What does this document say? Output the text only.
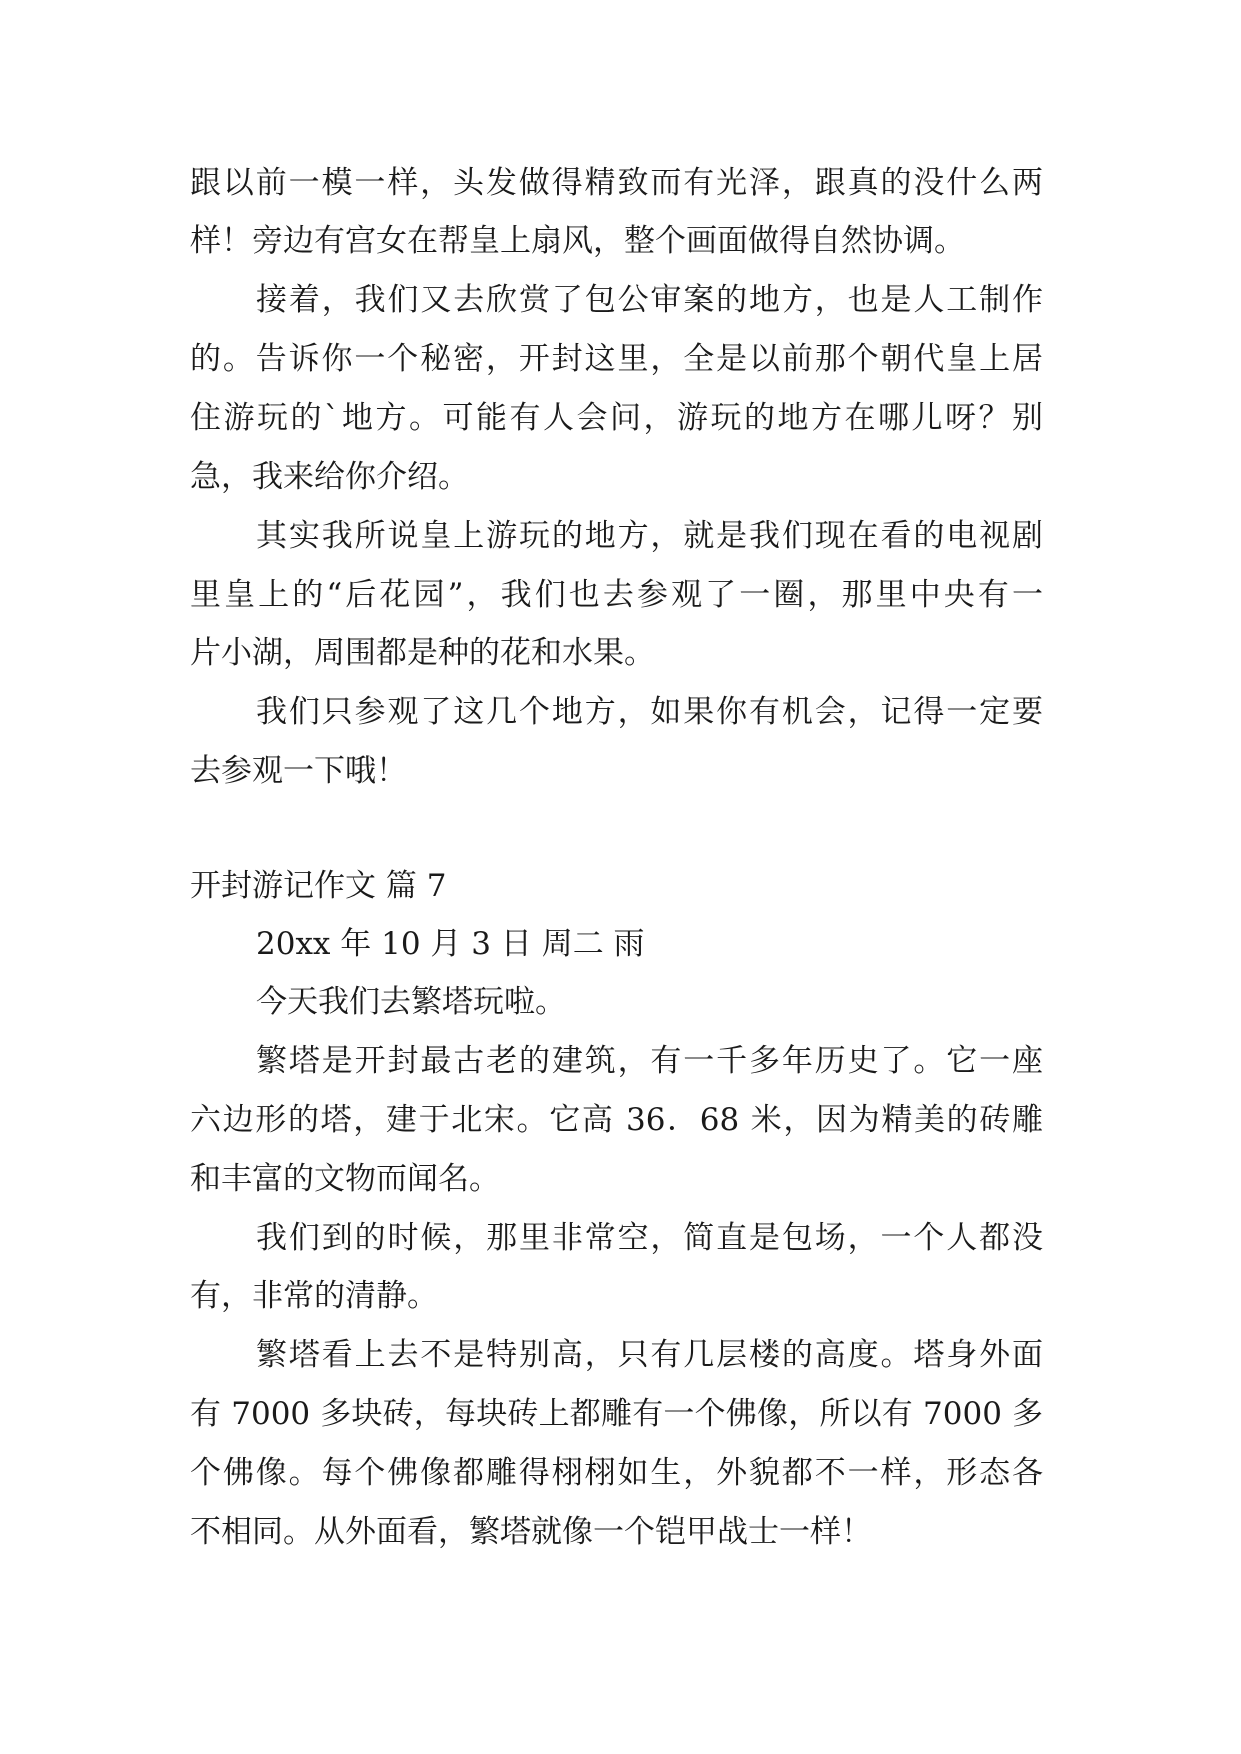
跟以前一模一样，头发做得精致而有光泽，跟真的没什么两
样！旁边有宫女在帮皇上扇风，整个画面做得自然协调。
接着，我们又去欣赏了包公审案的地方，也是人工制作
的。告诉你一个秘密，开封这里，全是以前那个朝代皇上居
住游玩的`地方。可能有人会问，游玩的地方在哪儿呀？别
急，我来给你介绍。
其实我所说皇上游玩的地方，就是我们现在看的电视剧
里皇上的“后花园”，我们也去参观了一圈，那里中央有一
片小湖，周围都是种的花和水果。
我们只参观了这几个地方，如果你有机会，记得一定要
去参观一下哦！
开封游记作文 篇 7
20xx 年 10 月 3 日 周二 雨
今天我们去繁塔玩啦。
繁塔是开封最古老的建筑，有一千多年历史了。它一座
六边形的塔，建于北宋。它高 36．68 米，因为精美的砖雕
和丰富的文物而闻名。
我们到的时候，那里非常空，简直是包场，一个人都没
有，非常的清静。
繁塔看上去不是特别高，只有几层楼的高度。塔身外面
有 7000 多块砖，每块砖上都雕有一个佛像，所以有 7000 多
个佛像。每个佛像都雕得栩栩如生，外貌都不一样，形态各
不相同。从外面看，繁塔就像一个铠甲战士一样！
